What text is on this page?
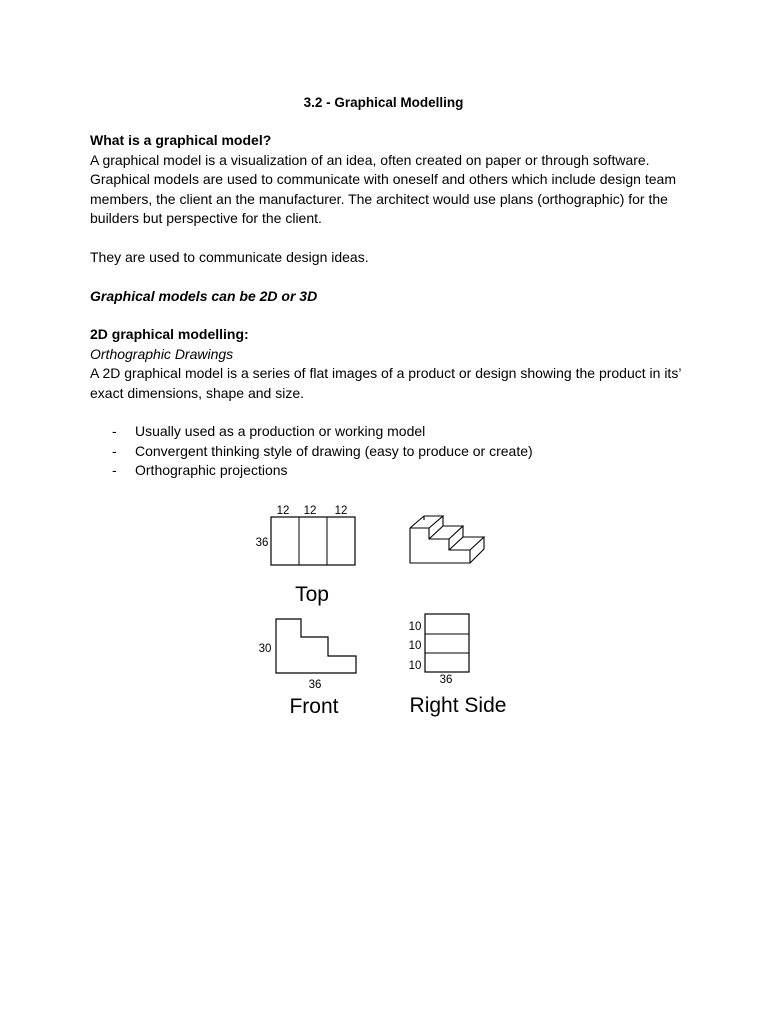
3.2 - Graphical Modelling

What is a graphical model?

A graphical model is a visualization of an idea, often created on paper or through software.

Graphical models are used to communicate with oneself and others which include design team

members, the client an the manufacturer. The architect would use plans (orthographic) for the

builders but perspective for the client.

They are used to communicate design ideas.
Graphical models can be 2D or 3D

2D graphical modelling:

Orthographic Drawings

A 2D graphical model is a series of flat images of a product or design showing the product in its’

exact dimensions, shape and size.

- Usually used as a production or working model
- Convergent thinking style of drawing (easy to produce or create)
- Orthographic projections
12 12 12
36
Top
30
36
Front
10
10
10
36
Right Side
